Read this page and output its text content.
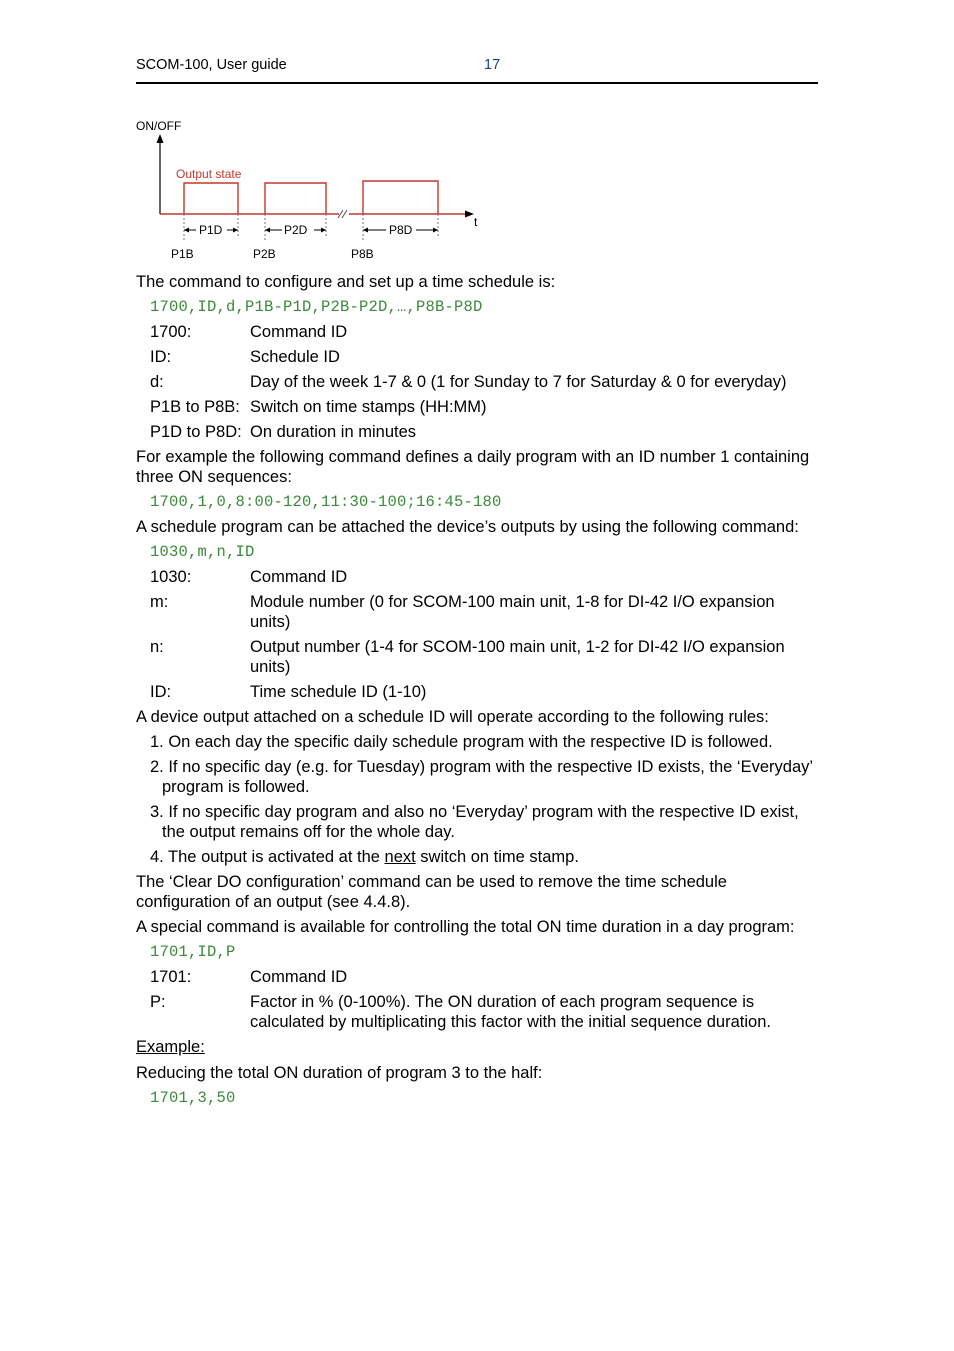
SCOM-100, User guide	17
ON/OFF
t
Output state
P1D	P2D	P8D
P1B	P2B	P8B

The command to configure and set up a time schedule is:

1700,ID,d,P1B-P1D,P2B-P2D,…,P8B-P8D
1700:	Command ID
ID:	Schedule ID
d:	Day of the week 1-7 & 0 (1 for Sunday to 7 for Saturday & 0 for everyday)
P1B to P8B: Switch on time stamps (HH:MM)
P1D to P8D: On duration in minutes

For example the following command defines a daily program with an ID number 1 containing three ON sequences:

1700,1,0,8:00-120,11:30-100;16:45-180

A schedule program can be attached the device’s outputs by using the following command:

1030,m,n,ID
1030:	Command ID
m:	Module number (0 for SCOM-100 main unit, 1-8 for DI-42 I/O expansion units)
n:	Output number (1-4 for SCOM-100 main unit, 1-2 for DI-42 I/O expansion units)
ID:	Time schedule ID (1-10)

A device output attached on a schedule ID will operate according to the following rules:

1. On each day the specific daily schedule program with the respective ID is followed.
2. If no specific day (e.g. for Tuesday) program with the respective ID exists, the ‘Everyday’ program is followed.
3. If no specific day program and also no ‘Everyday’ program with the respective ID exist, the output remains off for the whole day.
4. The output is activated at the next switch on time stamp.

The ‘Clear DO configuration’ command can be used to remove the time schedule configuration of an output (see 4.4.8).

A special command is available for controlling the total ON time duration in a day program:

1701,ID,P
1701:	Command ID
P:	Factor in % (0-100%). The ON duration of each program sequence is calculated by multiplicating this factor with the initial sequence duration.

Example:

Reducing the total ON duration of program 3 to the half:

1701,3,50
